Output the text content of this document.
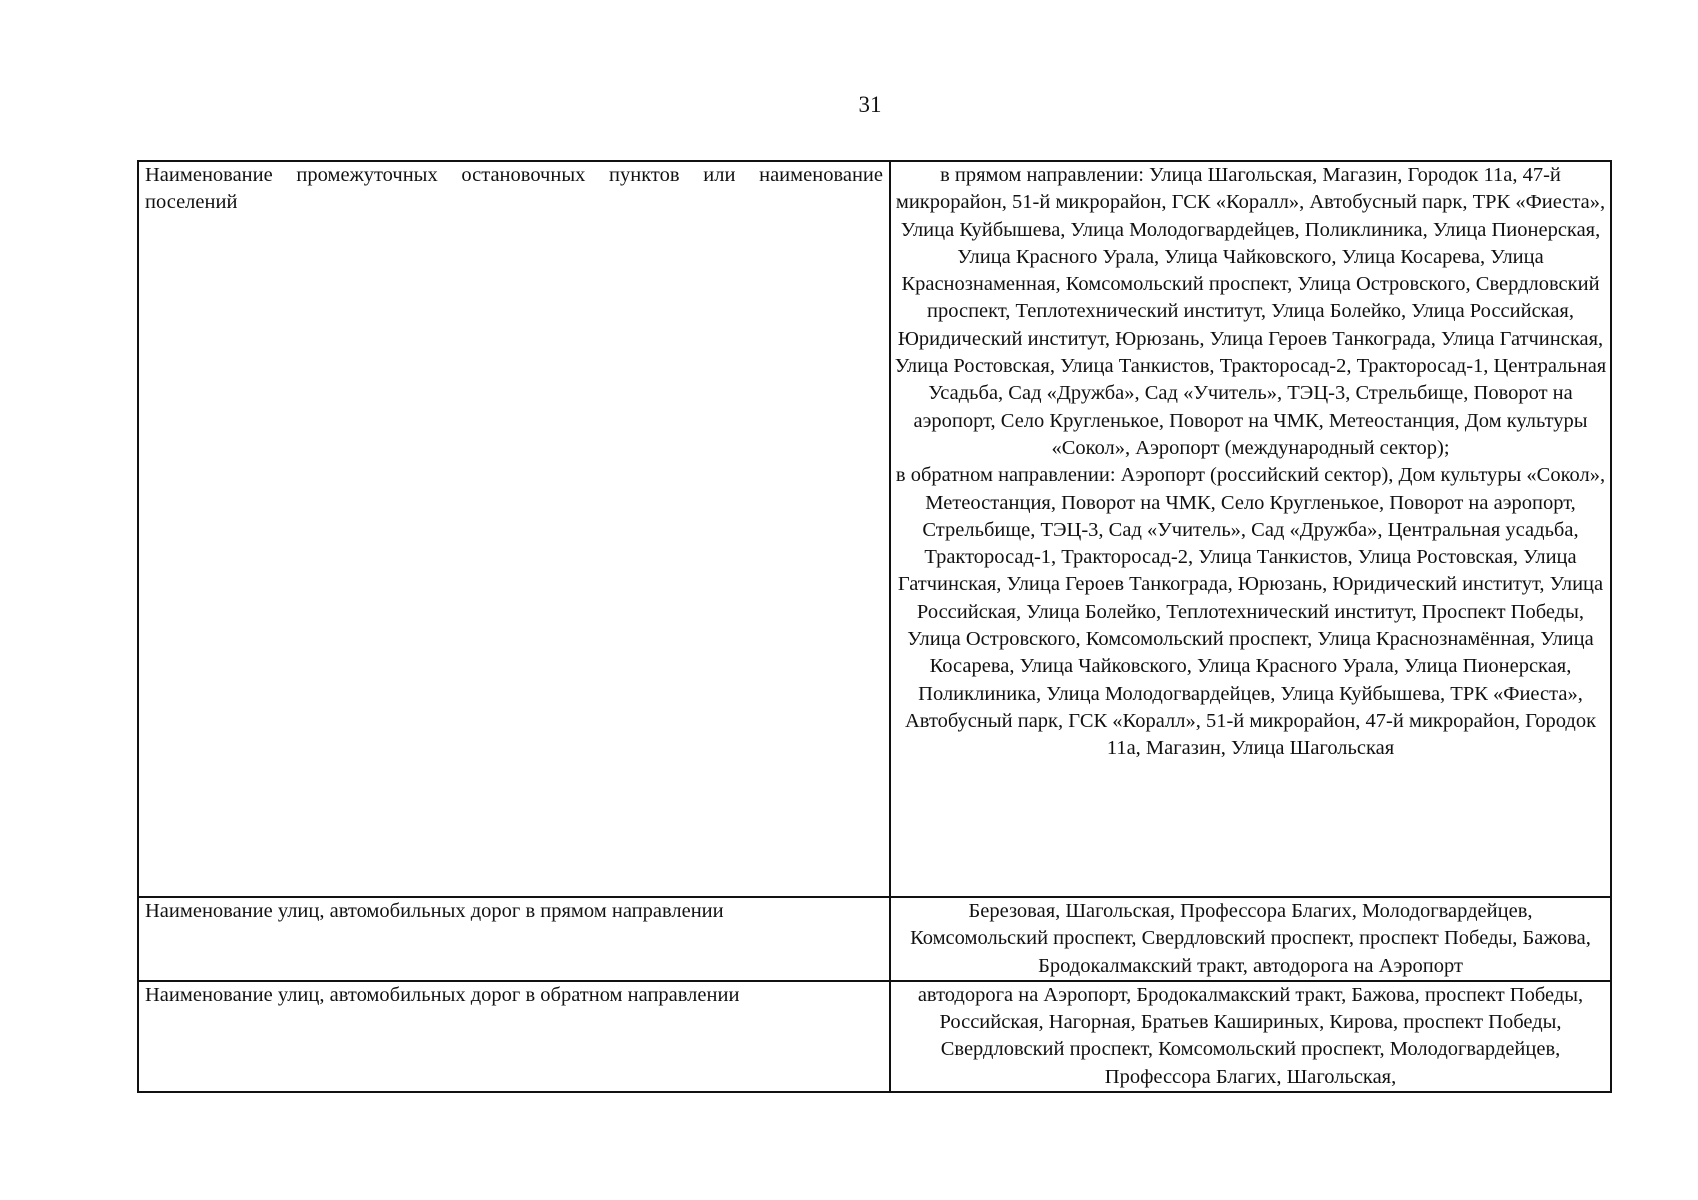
31
Наименование промежуточных остановочных пунктов или наименование поселений	в прямом направлении: Улица Шагольская, Магазин, Городок 11а, 47-й микрорайон, 51-й микрорайон, ГСК «Коралл», Автобусный парк, ТРК «Фиеста», Улица Куйбышева, Улица Молодогвардейцев, Поликлиника, Улица Пионерская, Улица Красного Урала, Улица Чайковского, Улица Косарева, Улица Краснознаменная, Комсомольский проспект, Улица Островского, Свердловский проспект, Теплотехнический институт, Улица Болейко, Улица Российская, Юридический институт, Юрюзань, Улица Героев Танкограда, Улица Гатчинская, Улица Ростовская, Улица Танкистов, Тракторосад-2, Тракторосад-1, Центральная Усадьба, Сад «Дружба», Сад «Учитель», ТЭЦ-3, Стрельбище, Поворот на аэропорт, Село Кругленькое, Поворот на ЧМК, Метеостанция, Дом культуры «Сокол», Аэропорт (международный сектор);
в обратном направлении: Аэропорт (российский сектор), Дом культуры «Сокол», Метеостанция, Поворот на ЧМК, Село Кругленькое, Поворот на аэропорт, Стрельбище, ТЭЦ-3, Сад «Учитель», Сад «Дружба», Центральная усадьба, Тракторосад-1, Тракторосад-2, Улица Танкистов, Улица Ростовская, Улица Гатчинская, Улица Героев Танкограда, Юрюзань, Юридический институт, Улица Российская, Улица Болейко, Теплотехнический институт, Проспект Победы, Улица Островского, Комсомольский проспект, Улица Краснознамённая, Улица Косарева, Улица Чайковского, Улица Красного Урала, Улица Пионерская, Поликлиника, Улица Молодогвардейцев, Улица Куйбышева, ТРК «Фиеста», Автобусный парк, ГСК «Коралл», 51-й микрорайон, 47-й микрорайон, Городок 11а, Магазин, Улица Шагольская

Наименование улиц, автомобильных дорог в прямом направлении	Березовая, Шагольская, Профессора Благих, Молодогвардейцев, Комсомольский проспект, Свердловский проспект, проспект Победы, Бажова, Бродокалмакский тракт, автодорога на Аэропорт

Наименование улиц, автомобильных дорог в обратном направлении	автодорога на Аэропорт, Бродокалмакский тракт, Бажова, проспект Победы, Российская, Нагорная, Братьев Кашириных, Кирова, проспект Победы, Свердловский проспект, Комсомольский проспект, Молодогвардейцев, Профессора Благих, Шагольская,
